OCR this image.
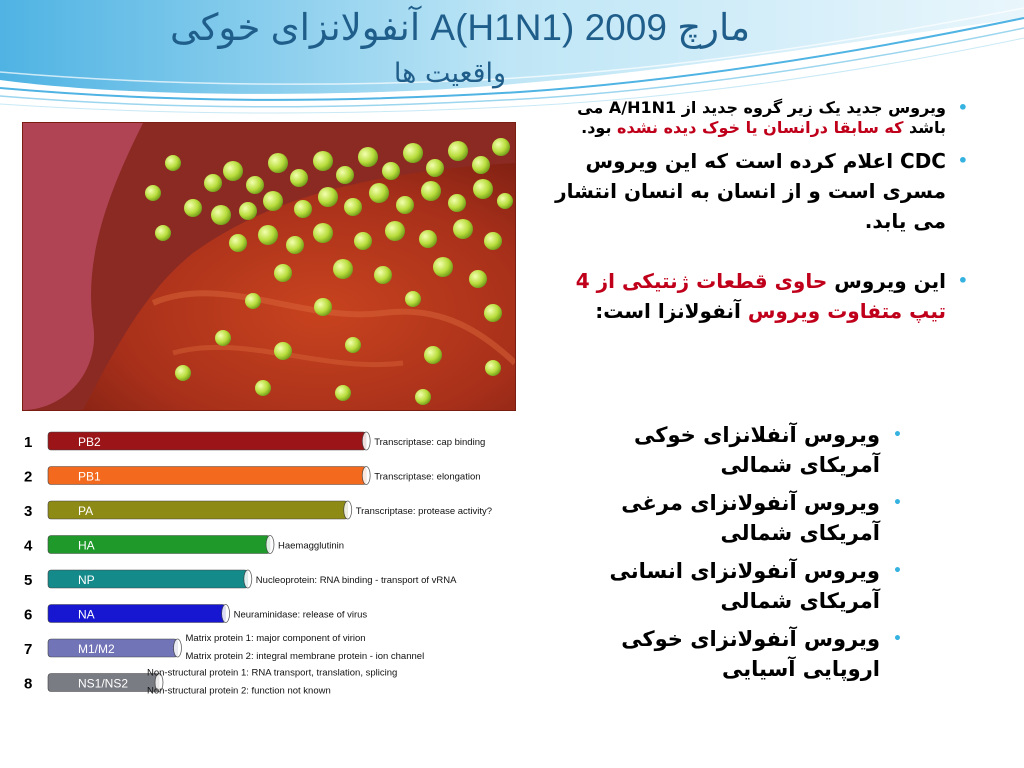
آنفولانزای خوکی A(H1N1) مارچ 2009
واقعیت ها
1	PB2	Transcriptase: cap binding
2	PB1	Transcriptase: elongation
3	PA	Transcriptase: protease activity?
4	HA	Haemagglutinin
5	NP	Nucleoprotein: RNA binding - transport of vRNA
6	NA	Neuraminidase: release of virus
7	M1/M2
Matrix protein 1: major component of virion
Matrix protein 2: integral membrane protein - ion channel
8	NS1/NS2
Non-structural protein 1: RNA transport, translation, splicing
Non-structural protein 2: function not known
•
ویروس جدید یک زیر گروه جدید از A/H1N1 می باشد که سابقا درانسان یا خوک دیده نشده بود.
•
CDC اعلام کرده است که این ویروس مسری است و از انسان به انسان انتشار می یابد.
•
این ویروس حاوی قطعات ژنتیکی از 4 تیپ متفاوت ویروس آنفولانزا است:
•
ویروس آنفلانزای خوکی آمریکای شمالی
•
ویروس آنفولانزای مرغی آمریکای شمالی
•
ویروس آنفولانزای انسانی آمریکای شمالی
•
ویروس آنفولانزای خوکی اروپایی آسیایی
